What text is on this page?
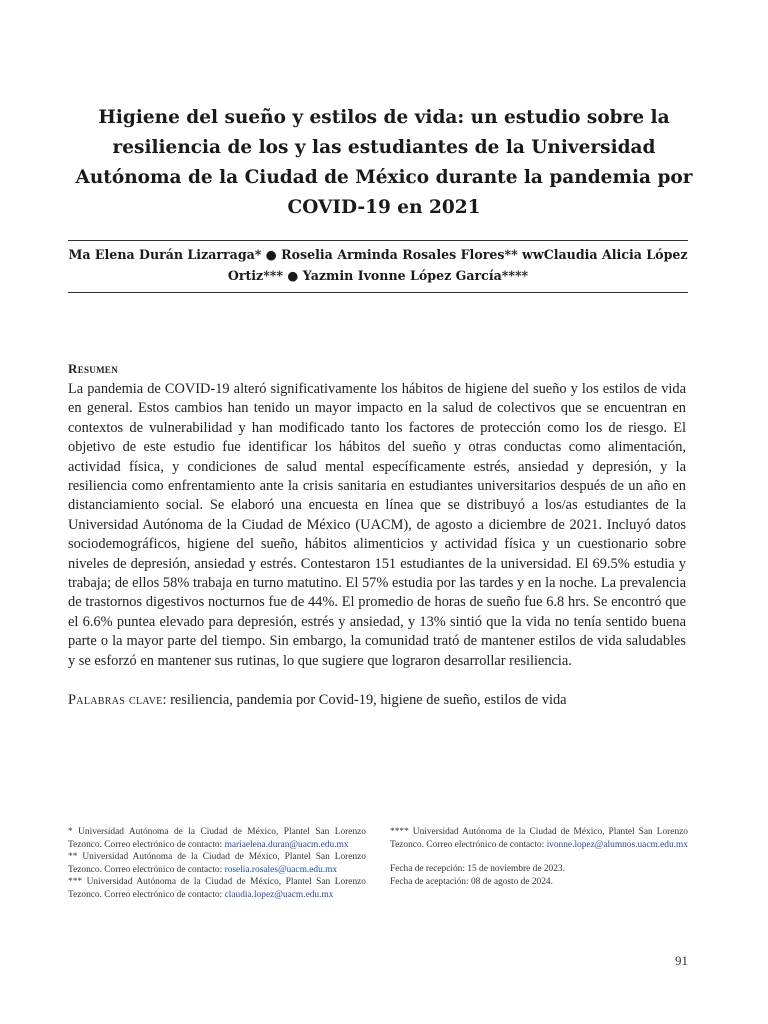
Higiene del sueño y estilos de vida: un estudio sobre la resiliencia de los y las estudiantes de la Universidad Autónoma de la Ciudad de México durante la pandemia por COVID-19 en 2021
Ma Elena Durán Lizarraga* ● Roselia Arminda Rosales Flores** wwClaudia Alicia López Ortiz*** ● Yazmin Ivonne López García****
Resumen

La pandemia de COVID-19 alteró significativamente los hábitos de higiene del sueño y los estilos de vida en general. Estos cambios han tenido un mayor impacto en la salud de colectivos que se encuentran en contextos de vulnerabilidad y han modificado tanto los factores de protección como los de riesgo. El objetivo de este estudio fue identificar los hábitos del sueño y otras conductas como alimentación, actividad física, y condiciones de salud mental específicamente estrés, ansiedad y depresión, y la resiliencia como enfrentamiento ante la crisis sanitaria en estudiantes universitarios después de un año en distanciamiento social. Se elaboró una encuesta en línea que se distribuyó a los/as estudiantes de la Universidad Autónoma de la Ciudad de México (UACM), de agosto a diciembre de 2021. Incluyó datos sociodemográficos, higiene del sueño, hábitos alimenticios y actividad física y un cuestionario sobre niveles de depresión, ansiedad y estrés. Contestaron 151 estudiantes de la universidad. El 69.5% estudia y trabaja; de ellos 58% trabaja en turno matutino. El 57% estudia por las tardes y en la noche. La prevalencia de trastornos digestivos nocturnos fue de 44%. El promedio de horas de sueño fue 6.8 hrs. Se encontró que el 6.6% puntea elevado para depresión, estrés y ansiedad, y 13% sintió que la vida no tenía sentido buena parte o la mayor parte del tiempo. Sin embargo, la comunidad trató de mantener estilos de vida saludables y se esforzó en mantener sus rutinas, lo que sugiere que lograron desarrollar resiliencia.

Palabras clave: resiliencia, pandemia por Covid-19, higiene de sueño, estilos de vida

* Universidad Autónoma de la Ciudad de México, Plantel San Lorenzo Tezonco. Correo electrónico de contacto: mariaelena.duran@uacm.edu.mx

** Universidad Autónoma de la Ciudad de México, Plantel San Lorenzo Tezonco. Correo electrónico de contacto: roselia.rosales@uacm.edu.mx

*** Universidad Autónoma de la Ciudad de México, Plantel San Lorenzo Tezonco. Correo electrónico de contacto: claudia.lopez@uacm.edu.mx

**** Universidad Autónoma de la Ciudad de México, Plantel San Lorenzo Tezonco. Correo electrónico de contacto: ivonne.lopez@alumnos.uacm.edu.mx

Fecha de recepción: 15 de noviembre de 2023.

Fecha de aceptación: 08 de agosto de 2024.

91
